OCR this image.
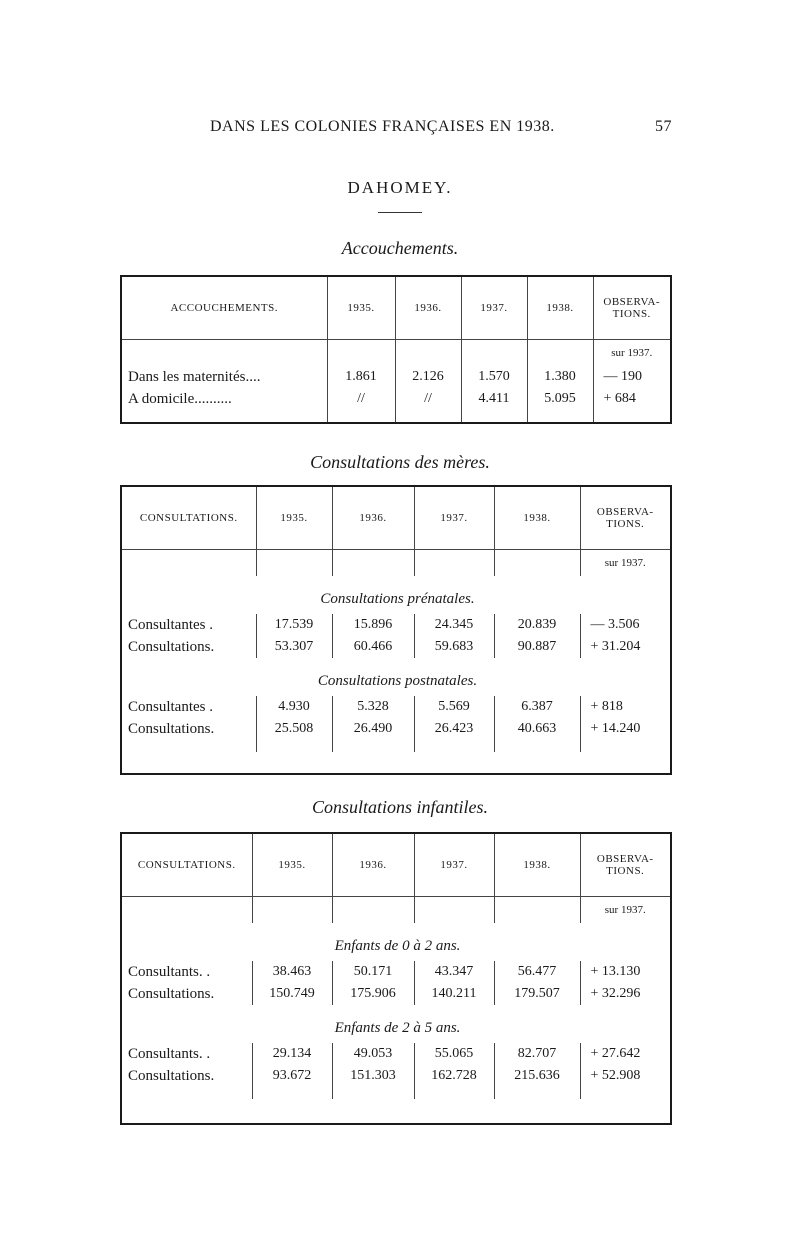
DANS LES COLONIES FRANÇAISES EN 1938.	57
DAHOMEY.
Accouchements.
ACCOUCHEMENTS.	1935.	1936.	1937.	1938.	OBSERVA-TIONS.
					sur 1937.
Dans les maternités....	1.861	2.126	1.570	1.380	— 190
A domicile..........	//	//	4.411	5.095	+ 684

Consultations des mères.
CONSULTATIONS.	1935.	1936.	1937.	1938.	OBSERVA-TIONS.
					sur 1937.
Consultations prénatales.					
Consultantes .	17.539	15.896	24.345	20.839	— 3.506
Consultations.	53.307	60.466	59.683	90.887	+ 31.204
Consultations postnatales.					
Consultantes .	4.930	5.328	5.569	6.387	+ 818
Consultations.	25.508	26.490	26.423	40.663	+ 14.240

Consultations infantiles.
CONSULTATIONS.	1935.	1936.	1937.	1938.	OBSERVA-TIONS.
					sur 1937.
Enfants de 0 à 2 ans.					
Consultants. .	38.463	50.171	43.347	56.477	+ 13.130
Consultations.	150.749	175.906	140.211	179.507	+ 32.296
Enfants de 2 à 5 ans.					
Consultants. .	29.134	49.053	55.065	82.707	+ 27.642
Consultations.	93.672	151.303	162.728	215.636	+ 52.908
